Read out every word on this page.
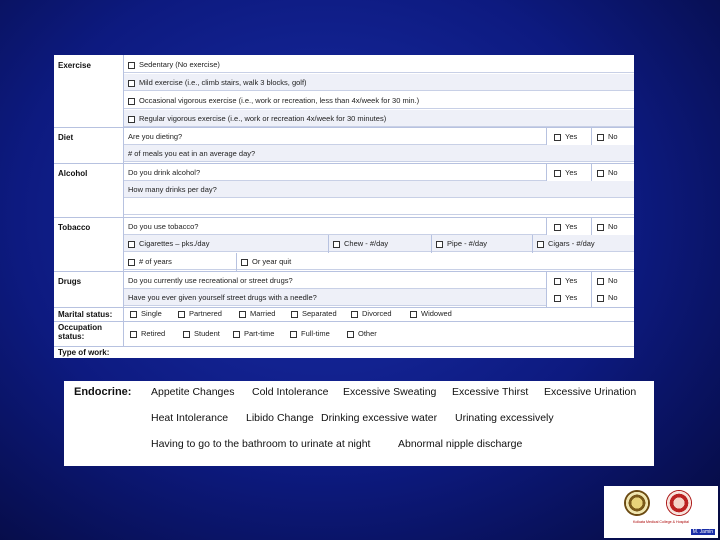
Exercise	Sedentary (No exercise)
Mild exercise (i.e., climb stairs, walk 3 blocks, golf)
Occasional vigorous exercise (i.e., work or recreation, less than 4x/week for 30 min.)
Regular vigorous exercise (i.e., work or recreation 4x/week for 30 minutes)
Diet	Are you dieting?	Yes	No
# of meals you eat in an average day?
Alcohol	Do you drink alcohol?	Yes	No
How many drinks per day?
Tobacco	Do you use tobacco?	Yes	No
Cigarettes – pks./day	Chew - #/day	Pipe - #/day	Cigars - #/day
# of years	Or year quit
Drugs	Do you currently use recreational or street drugs?	Yes	No
Have you ever given yourself street drugs with a needle?	Yes	No
Marital status:	Single	Partnered	Married	Separated	Divorced	Widowed
Occupation status:	Retired	Student	Part-time	Full-time	Other
Type of work:
Endocrine: Appetite Changes Cold Intolerance Excessive Sweating Excessive Thirst Excessive Urination
Heat Intolerance Libido Change Drinking excessive water Urinating excessively
Having to go to the bathroom to urinate at night	Abnormal nipple discharge
Kolkata Medical College & Hospital
M. Jamin
